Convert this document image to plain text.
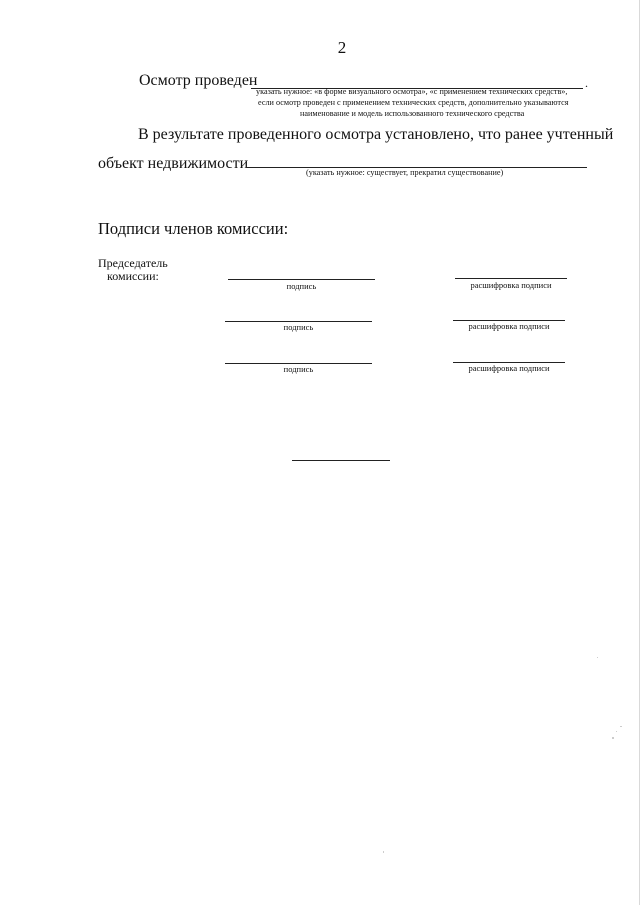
2
Осмотр проведен	.
указать нужное: «в форме визуального осмотра», «с применением технических средств»,
если осмотр проведен с применением технических средств, дополнительно указываются
наименование и модель использованного технического средства
В результате проведенного осмотра установлено, что ранее учтенный
объект недвижимости
(указать нужное: существует, прекратил существование)
Подписи членов комиссии:
Председатель
комиссии:
подпись	расшифровка подписи
подпись	расшифровка подписи
подпись	расшифровка подписи
